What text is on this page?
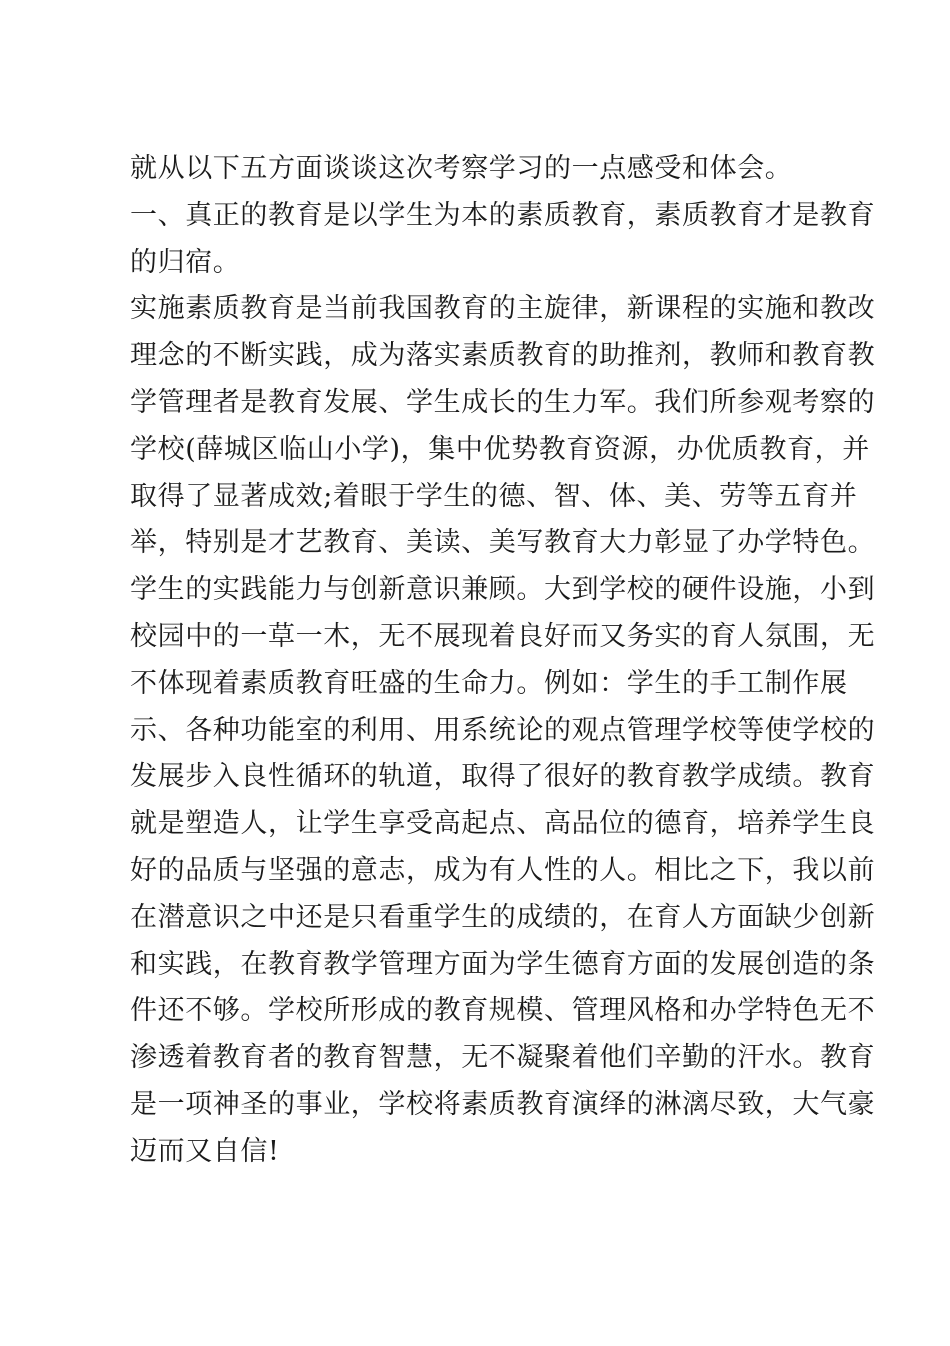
就从以下五方面谈谈这次考察学习的一点感受和体会。
一、真正的教育是以学生为本的素质教育，素质教育才是教育
的归宿。
实施素质教育是当前我国教育的主旋律，新课程的实施和教改
理念的不断实践，成为落实素质教育的助推剂，教师和教育教
学管理者是教育发展、学生成长的生力军。我们所参观考察的
学校(薛城区临山小学)，集中优势教育资源，办优质教育，并
取得了显著成效;着眼于学生的德、智、体、美、劳等五育并
举，特别是才艺教育、美读、美写教育大力彰显了办学特色。
学生的实践能力与创新意识兼顾。大到学校的硬件设施，小到
校园中的一草一木，无不展现着良好而又务实的育人氛围，无
不体现着素质教育旺盛的生命力。例如：学生的手工制作展
示、各种功能室的利用、用系统论的观点管理学校等使学校的
发展步入良性循环的轨道，取得了很好的教育教学成绩。教育
就是塑造人，让学生享受高起点、高品位的德育，培养学生良
好的品质与坚强的意志，成为有人性的人。相比之下，我以前
在潜意识之中还是只看重学生的成绩的，在育人方面缺少创新
和实践，在教育教学管理方面为学生德育方面的发展创造的条
件还不够。学校所形成的教育规模、管理风格和办学特色无不
渗透着教育者的教育智慧，无不凝聚着他们辛勤的汗水。教育
是一项神圣的事业，学校将素质教育演绎的淋漓尽致，大气豪
迈而又自信!
